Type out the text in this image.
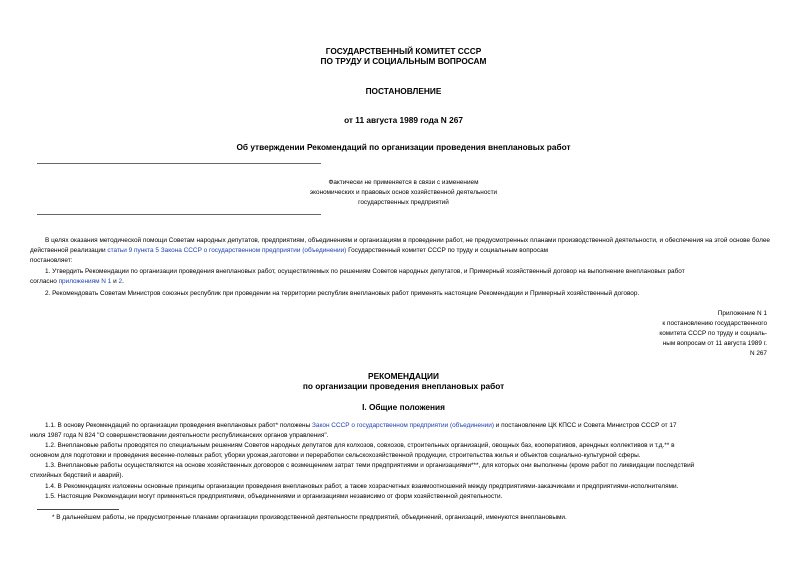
ГОСУДАРСТВЕННЫЙ КОМИТЕТ СССР
ПО ТРУДУ И СОЦИАЛЬНЫМ ВОПРОСАМ
ПОСТАНОВЛЕНИЕ
от 11 августа 1989 года N 267
Об утверждении Рекомендаций по организации проведения внеплановых работ
Фактически не применяется в связи с изменением
экономических и правовых основ хозяйственной деятельности
государственных предприятий
В целях оказания методической помощи Советам народных депутатов, предприятиям, объединениям и организациям в проведении работ, не предусмотренных планами производственной деятельности, и обеспечения на этой основе более действенной реализации статьи 9 пункта 5 Закона СССР о государственном предприятии (объединении) Государственный комитет СССР по труду и социальным вопросам
постановляет:
1. Утвердить Рекомендации по организации проведения внеплановых работ, осуществляемых по решениям Советов народных депутатов, и Примерный хозяйственный договор на выполнение внеплановых работ
согласно приложениям N 1 и 2.
2. Рекомендовать Советам Министров союзных республик при проведении на территории республик внеплановых работ применять настоящие Рекомендации и Примерный хозяйственный договор.
Приложение N 1
к постановлению государственного
комитета СССР по труду и социаль-
ным вопросам от 11 августа 1989 г.
N 267
РЕКОМЕНДАЦИИ
по организации проведения внеплановых работ
I. Общие положения
1.1. В основу Рекомендаций по организации проведения внеплановых работ* положены Закон СССР о государственном предприятии (объединении) и постановление ЦК КПСС и Совета Министров СССР от 17
июля 1987 года N 824 "О совершенствовании деятельности республиканских органов управления".
1.2. Внеплановые работы проводятся по специальным решениям Советов народных депутатов для колхозов, совхозов, строительных организаций, овощных баз, кооперативов, арендных коллективов и т.д.** в
основном для подготовки и проведения весенне-полевых работ, уборки урожая,заготовки и переработки сельскохозяйственной продукции, строительства жилья и объектов социально-культурной сферы.
1.3. Внеплановые работы осуществляются на основе хозяйственных договоров с возмещением затрат теми предприятиями и организациями***, для которых они выполнены (кроме работ по ликвидации последствий
стихийных бедствий и аварий).
1.4. В Рекомендациях изложены основные принципы организации проведения внеплановых работ, а также хозрасчетных взаимоотношений между предприятиями-заказчиками и предприятиями-исполнителями.
1.5. Настоящие Рекомендации могут применяться предприятиями, объединениями и организациями независимо от форм хозяйственной деятельности.
* В дальнейшем работы, не предусмотренные планами организации производственной деятельности предприятий, объединений, организаций, именуются внеплановыми.
